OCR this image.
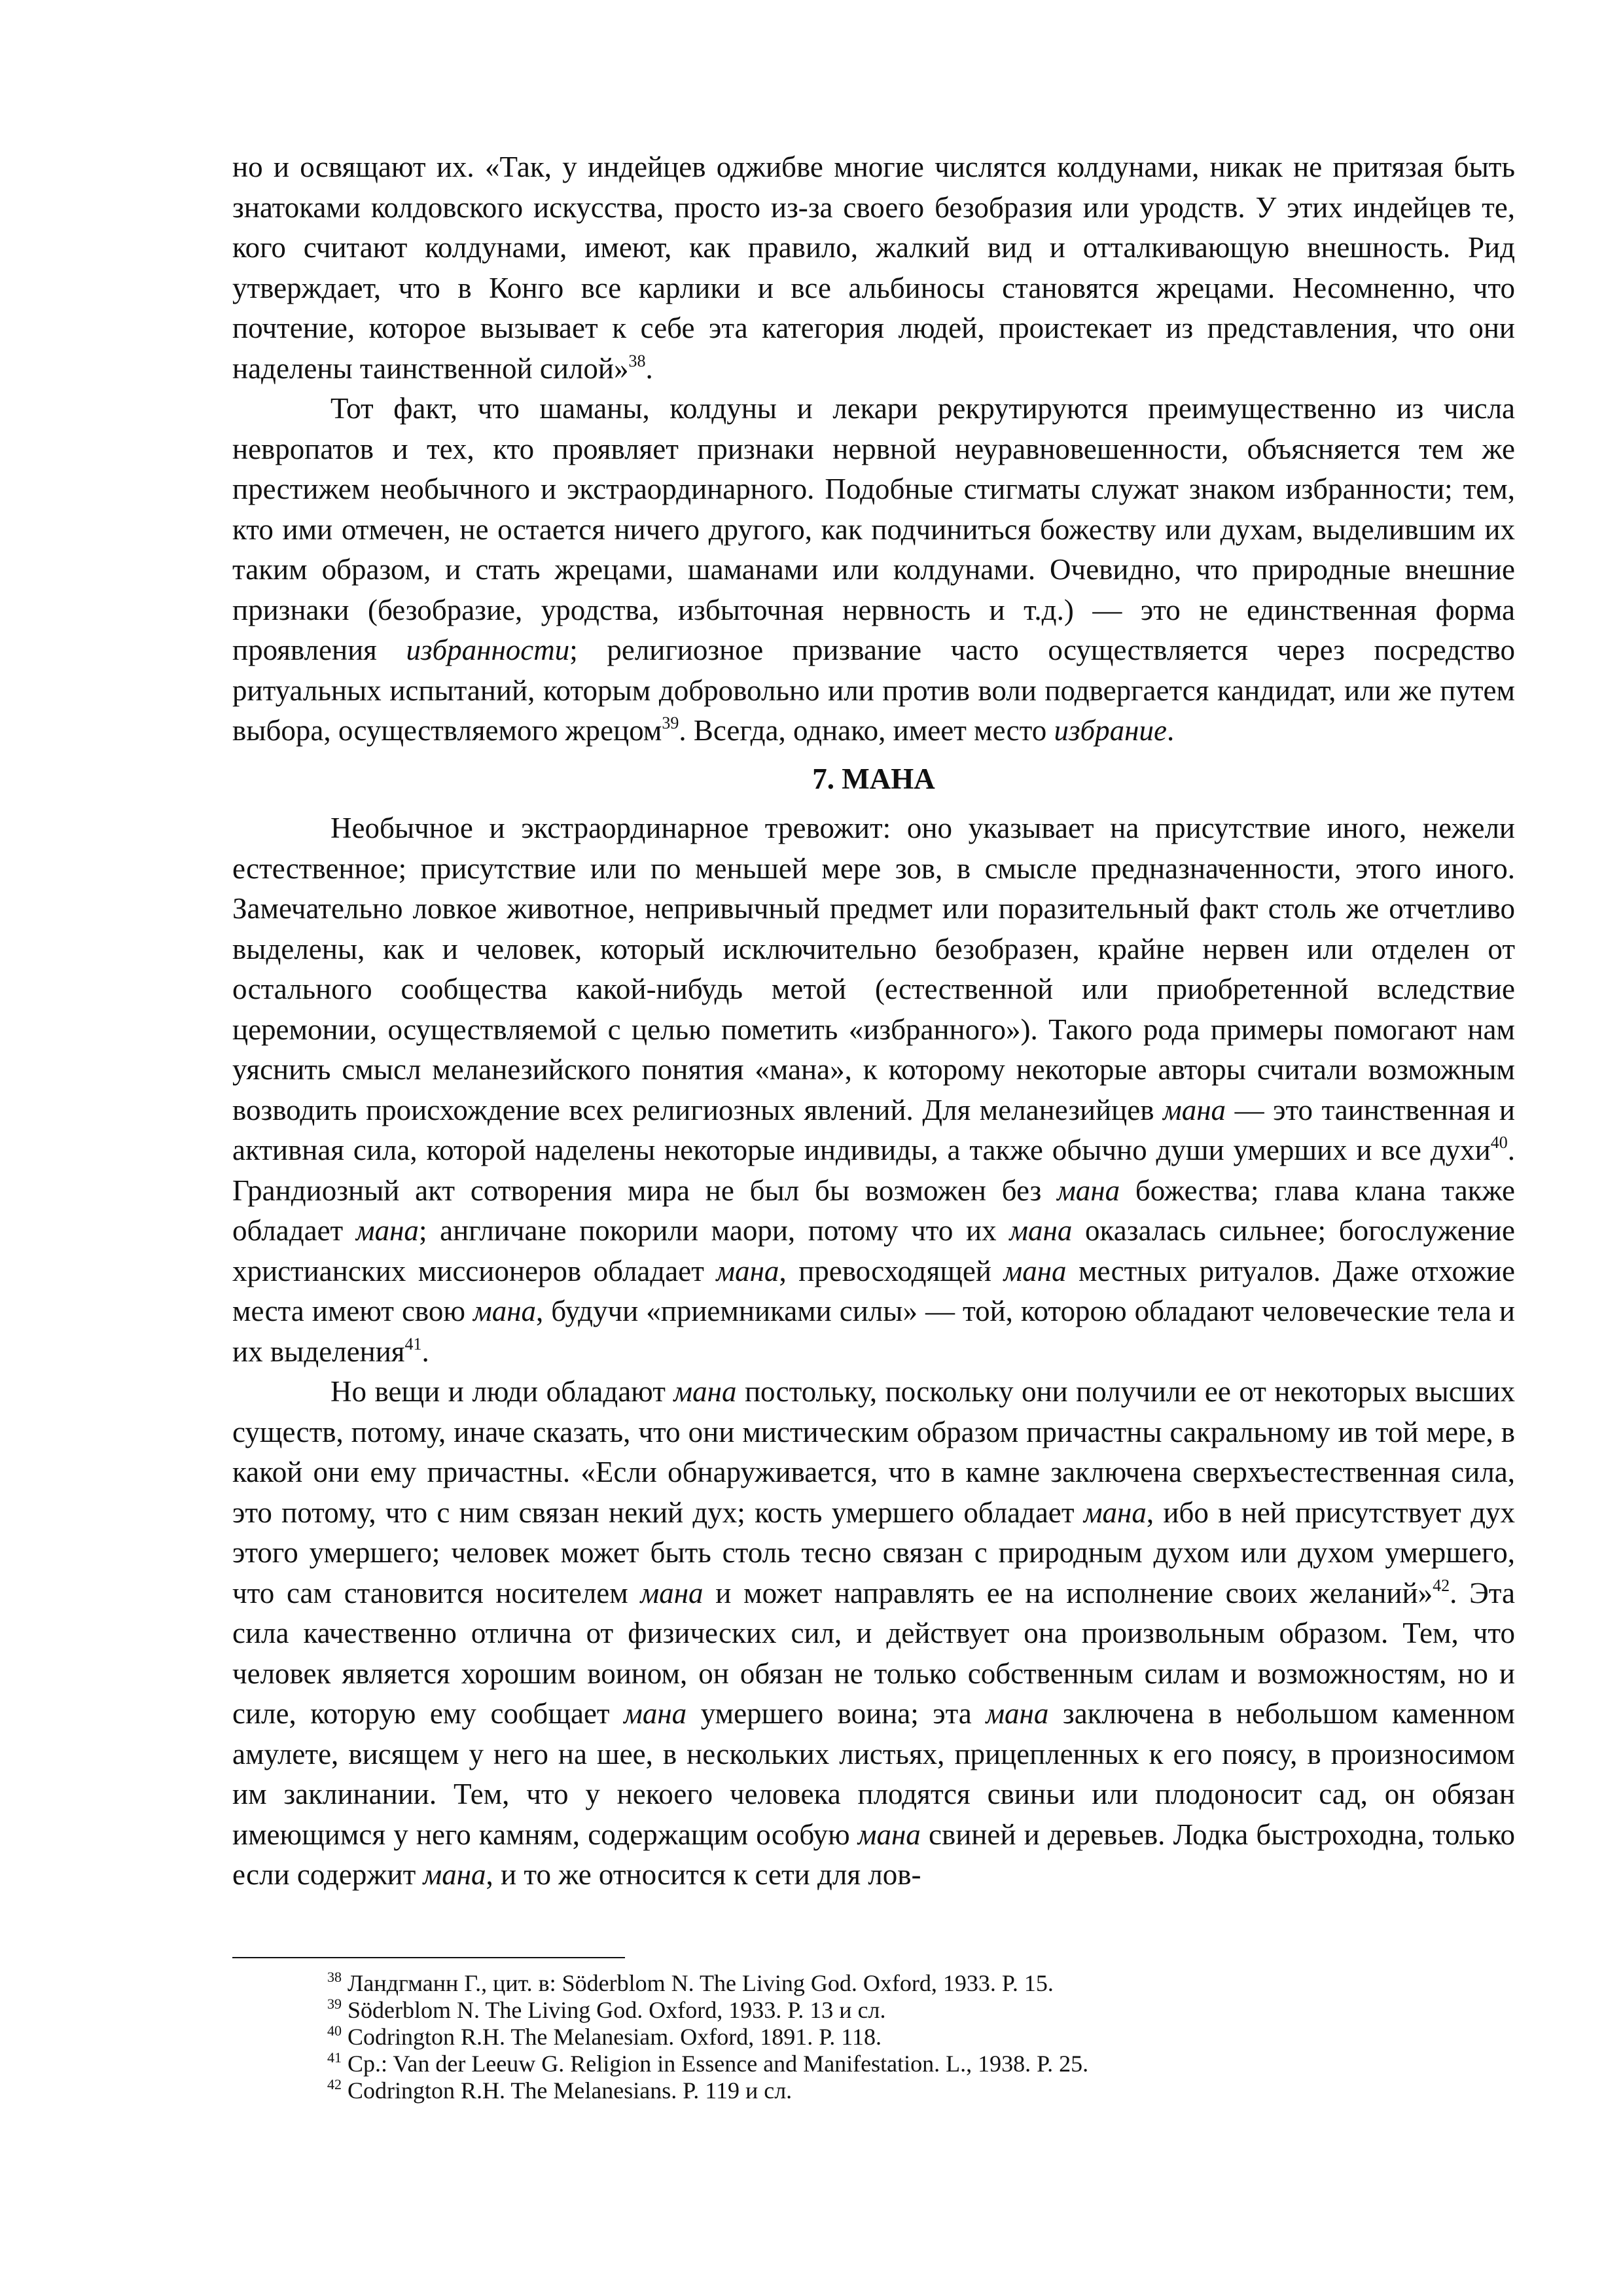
но и освящают их. «Так, у индейцев оджибве многие числятся колдунами, никак не притязая быть знатоками колдовского искусства, просто из-за своего безобразия или уродств. У этих индейцев те, кого считают колдунами, имеют, как правило, жалкий вид и отталкивающую внешность. Рид утверждает, что в Конго все карлики и все альбиносы становятся жрецами. Несомненно, что почтение, которое вызывает к себе эта категория людей, проистекает из представления, что они наделены таинственной силой»$^{38}$.

Тот факт, что шаманы, колдуны и лекари рекрутируются преимущественно из числа невропатов и тех, кто проявляет признаки нервной неуравновешенности, объясняется тем же престижем необычного и экстраординарного. Подобные стигматы служат знаком избранности; тем, кто ими отмечен, не остается ничего другого, как подчиниться божеству или духам, выделившим их таким образом, и стать жрецами, шаманами или колдунами. Очевидно, что природные внешние признаки (безобразие, уродства, избыточная нервность и т.д.) — это не единственная форма проявления избранности; религиозное призвание часто осуществляется через посредство ритуальных испытаний, которым добровольно или против воли подвергается кандидат, или же путем выбора, осуществляемого жрецом$^{39}$. Всегда, однако, имеет место избрание.

7. МАНА

Необычное и экстраординарное тревожит: оно указывает на присутствие иного, нежели естественное; присутствие или по меньшей мере зов, в смысле предназначенности, этого иного. Замечательно ловкое животное, непривычный предмет или поразительный факт столь же отчетливо выделены, как и человек, который исключительно безобразен, крайне нервен или отделен от остального сообщества какой-нибудь метой (естественной или приобретенной вследствие церемонии, осуществляемой с целью пометить «избранного»). Такого рода примеры помогают нам уяснить смысл меланезийского понятия «мана», к которому некоторые авторы считали возможным возводить происхождение всех религиозных явлений. Для меланезийцев мана — это таинственная и активная сила, которой наделены некоторые индивиды, а также обычно души умерших и все духи$^{40}$. Грандиозный акт сотворения мира не был бы возможен без мана божества; глава клана также обладает мана; англичане покорили маори, потому что их мана оказалась сильнее; богослужение христианских миссионеров обладает мана, превосходящей мана местных ритуалов. Даже отхожие места имеют свою мана, будучи «приемниками силы» — той, которою обладают человеческие тела и их выделения$^{41}$.

Но вещи и люди обладают мана постольку, поскольку они получили ее от некоторых высших существ, потому, иначе сказать, что они мистическим образом причастны сакральному ив той мере, в какой они ему причастны. «Если обнаруживается, что в камне заключена сверхъестественная сила, это потому, что с ним связан некий дух; кость умершего обладает мана, ибо в ней присутствует дух этого умершего; человек может быть столь тесно связан с природным духом или духом умершего, что сам становится носителем мана и может направлять ее на исполнение своих желаний»$^{42}$. Эта сила качественно отлична от физических сил, и действует она произвольным образом. Тем, что человек является хорошим воином, он обязан не только собственным силам и возможностям, но и силе, которую ему сообщает мана умершего воина; эта мана заключена в небольшом каменном амулете, висящем у него на шее, в нескольких листьях, прицепленных к его поясу, в произносимом им заклинании. Тем, что у некоего человека плодятся свиньи или плодоносит сад, он обязан имеющимся у него камням, содержащим особую мана свиней и деревьев. Лодка быстроходна, только если содержит мана, и то же относится к сети для лов-

$^{38}$ Ландгманн Г., цит. в: Söderblom N. The Living God. Oxford, 1933. P. 15.

$^{39}$ Söderblom N. The Living God. Oxford, 1933. P. 13 и сл.

$^{40}$ Codrington R.H. The Melanesiam. Oxford, 1891. P. 118.

$^{41}$ Cp.: Van der Leeuw G. Religion in Essence and Manifestation. L., 1938. P. 25.

$^{42}$ Codrington R.H. The Melanesians. P. 119 и сл.
